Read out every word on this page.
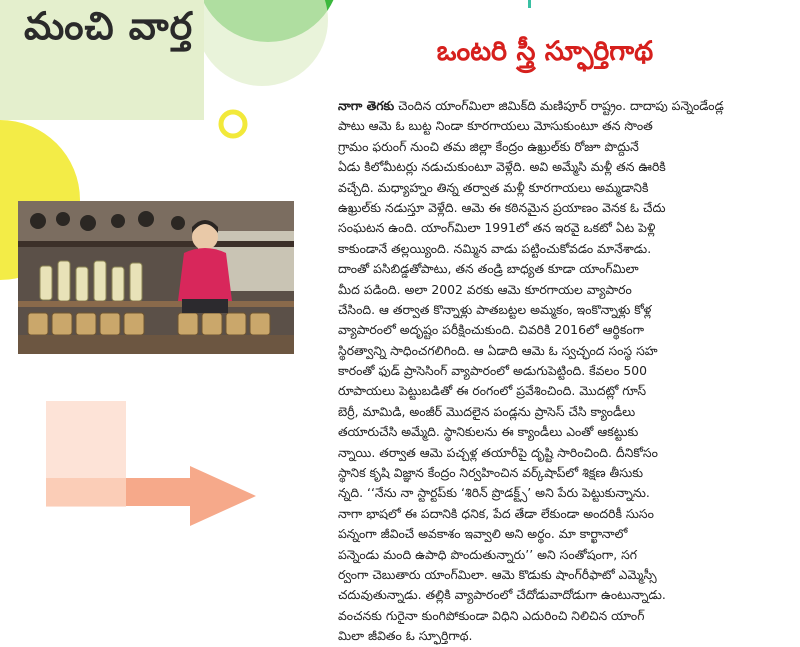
మంచి వార్త
ఒంటరి స్త్రీ స్ఫూర్తిగాథ
నాగా తెగకు చెందిన యాంగ్‌మిలా జిమిక్‌ది మణిపూర్ రాష్ట్రం. దాదాపు పన్నెండేండ్ల
పాటు ఆమె ఓ బుట్ట నిండా కూరగాయలు మోసుకుంటూ తన సొంత
గ్రామం ఫరుంగ్ నుంచి తమ జిల్లా కేంద్రం ఉఖ్రుల్‌కు రోజూ పొద్దునే
ఏడు కిలోమీటర్లు నడుచుకుంటూ వెళ్లేది. అవి అమ్మేసి మళ్లీ తన ఊరికి
వచ్చేది. మధ్యాహ్నం తిన్న తర్వాత మళ్లీ కూరగాయలు అమ్మడానికి
ఉఖ్రుల్‌కు నడుస్తూ వెళ్లేది. ఆమె ఈ కఠినమైన ప్రయాణం వెనక ఓ చేదు
సంఘటన ఉంది. యాంగ్‌మిలా 1991లో తన ఇరవై ఒకటో ఏట పెళ్లి
కాకుండానే తల్లయ్యింది. నమ్మిన వాడు పట్టించుకోవడం మానేశాడు.
దాంతో పసిబిడ్డతోపాటు, తన తండ్రి బాధ్యత కూడా యాంగ్‌మిలా
మీద పడింది. అలా 2002 వరకు ఆమె కూరగాయల వ్యాపారం
చేసింది. ఆ తర్వాత కొన్నాళ్లు పాతబట్టల అమ్మకం, ఇంకొన్నాళ్లు కోళ్ల
వ్యాపారంలో అదృష్టం పరీక్షించుకుంది. చివరికి 2016లో ఆర్థికంగా
స్థిరత్వాన్ని సాధించగలిగింది. ఆ ఏడాది ఆమె ఓ స్వచ్ఛంద సంస్థ సహ
కారంతో ఫుడ్ ప్రాసెసింగ్ వ్యాపారంలో అడుగుపెట్టింది. కేవలం 500
రూపాయలు పెట్టుబడితో ఈ రంగంలో ప్రవేశించింది. మొదట్లో గూస్
బెర్రీ, మామిడి, అంజీర్ మొదలైన పండ్లను ప్రాసెస్ చేసి క్యాండీలు
తయారుచేసి అమ్మేది. స్థానికులను ఈ క్యాండీలు ఎంతో ఆకట్టుకు
న్నాయి. తర్వాత ఆమె పచ్చళ్ల తయారీపై దృష్టి సారించింది. దీనికోసం
స్థానిక కృషి విజ్ఞాన కేంద్రం నిర్వహించిన వర్క్‌షాప్‌లో శిక్షణ తీసుకు
న్నది. ‘‘నేను నా స్టార్టప్‌కు ‘శిరిన్ ప్రొడక్ట్స్’ అని పేరు పెట్టుకున్నాను.
నాగా భాషలో ఈ పదానికి ధనిక, పేద తేడా లేకుండా అందరికీ సుసం
పన్నంగా జీవించే అవకాశం ఇవ్వాలి అని అర్థం. మా కార్ఖానాలో
పన్నెండు మంది ఉపాధి పొందుతున్నారు’’ అని సంతోషంగా, సగ
ర్వంగా చెబుతారు యాంగ్‌మిలా. ఆమె కొడుకు షాంగ్‌రీఫాటో ఎమ్మెస్సీ
చదువుతున్నాడు. తల్లికి వ్యాపారంలో చేదోడువాదోడుగా ఉంటున్నాడు.
వంచనకు గురైనా కుంగిపోకుండా విధిని ఎదురించి నిలిచిన యాంగ్
మిలా జీవితం ఓ స్ఫూర్తిగాథ.
